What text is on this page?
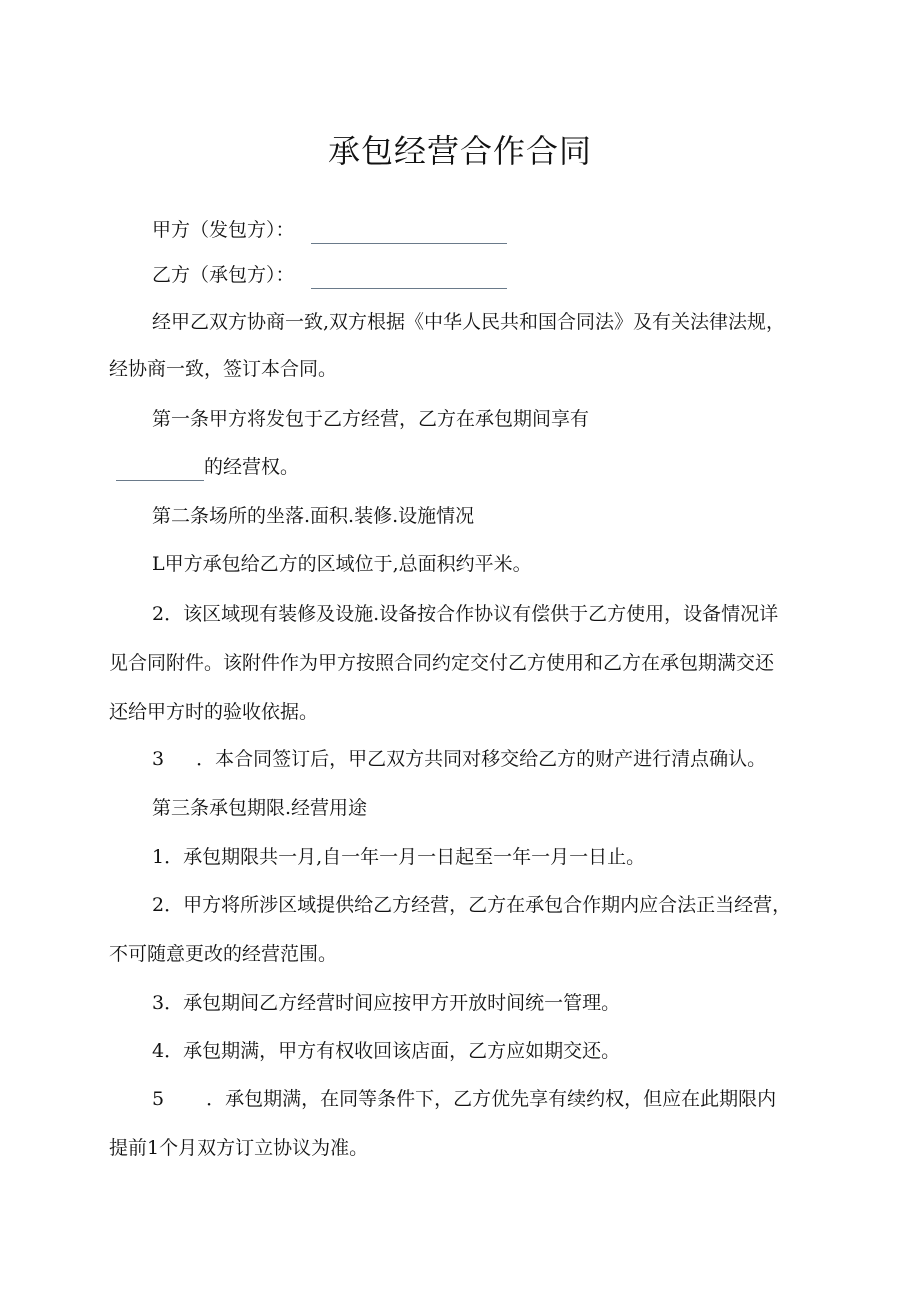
承包经营合作合同
甲方（发包方）：
乙方（承包方）：
经甲乙双方协商一致,双方根据《中华人民共和国合同法》及有关法律法规，
经协商一致，签订本合同。
第一条甲方将发包于乙方经营，乙方在承包期间享有
的经营权。
第二条场所的坐落.面积.装修.设施情况
L甲方承包给乙方的区域位于,总面积约平米。
2．该区域现有装修及设施.设备按合作协议有偿供于乙方使用，设备情况详
见合同附件。该附件作为甲方按照合同约定交付乙方使用和乙方在承包期满交还
还给甲方时的验收依据。
3 ．本合同签订后，甲乙双方共同对移交给乙方的财产进行清点确认。
第三条承包期限.经营用途
1．承包期限共一月,自一年一月一日起至一年一月一日止。
2．甲方将所涉区域提供给乙方经营，乙方在承包合作期内应合法正当经营，
不可随意更改的经营范围。
3．承包期间乙方经营时间应按甲方开放时间统一管理。
4．承包期满，甲方有权收回该店面，乙方应如期交还。
5 ．承包期满，在同等条件下，乙方优先享有续约权，但应在此期限内
提前1个月双方订立协议为准。
